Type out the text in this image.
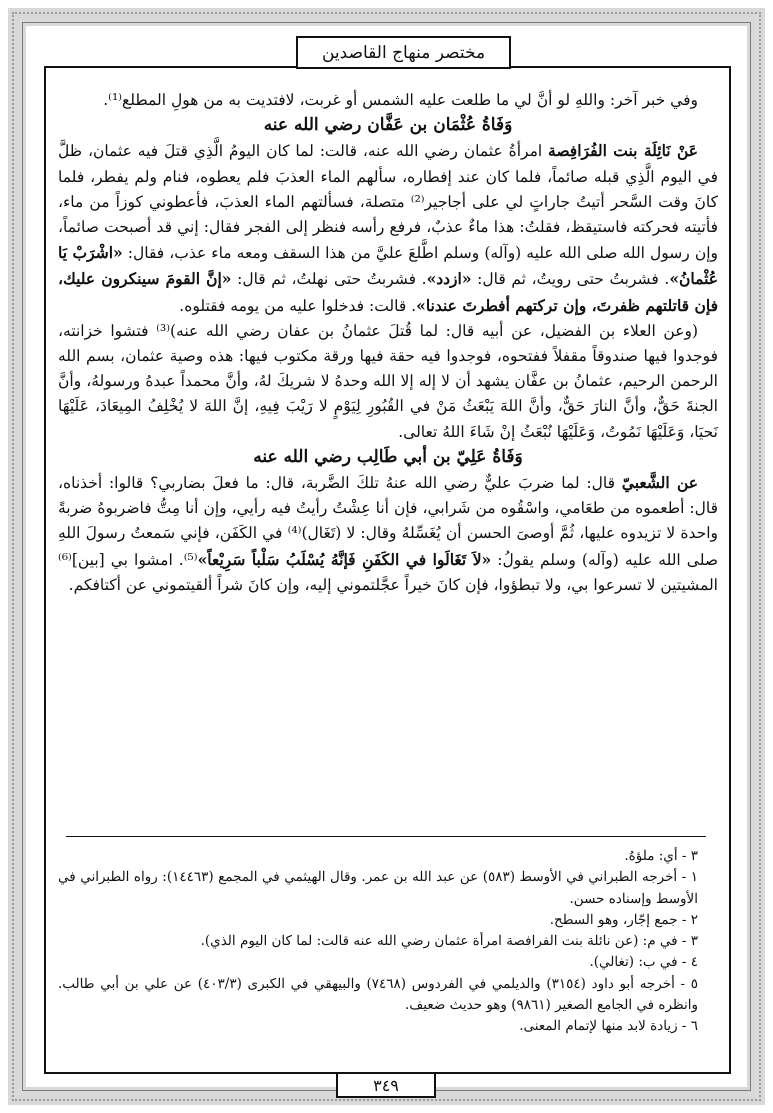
مختصر منهاج القاصدين

وفي خبر آخر: واللهِ لو أنَّ لي ما طلعت عليه الشمس أو غربت، لافتديت به من هولِ المطلع⁽¹⁾.

وَفَاةُ عُثْمَان بن عَفَّان رضي الله عنه

عَنْ نَائِلَة بنت الفُرَافِصة امرأةُ عثمان رضي الله عنه، قالت: لما كان اليومُ الَّذِي قتلَ فيه عثمان، ظلَّ في اليوم الَّذِي قبله صائماً، فلما كان عند إفطاره، سألهم الماء العذبَ فلم يعطوه، فنام ولم يفطر، فلما كانَ وقت السَّحر أتيتُ جاراتٍ لي على أجاجير⁽²⁾ متصلة، فسألتهم الماء العذبَ، فأعطوني كوزاً من ماء، فأتيته فحركته فاستيقظ، فقلتُ: هذا ماءٌ عذبٌ، فرفع رأسه فنظر إلى الفجر فقال: إني قد أصبحت صائماً، وإن رسول الله صلى الله عليه (وآله) وسلم اطَّلعَ عليَّ من هذا السقف ومعه ماء عذب، فقال: «اشْرَبْ يَا عُثْمانُ». فشربتُ حتى رويتُ، ثم قال: «ازدد». فشربتُ حتى نهلتُ، ثم قال: «إنَّ القومَ سينكرون عليك، فإن قاتلتهم ظفرتَ، وإن تركتهم أفطرتَ عندنا». قالت: فدخلوا عليه من يومه فقتلوه.

(وعن العلاء بن الفضيل، عن أبيه قال: لما قُتلَ عثمانُ بن عفان رضي الله عنه)⁽³⁾ فتشوا خزانته، فوجدوا فيها صندوقاً مقفلاً ففتحوه، فوجدوا فيه حقة فيها ورقة مكتوب فيها: هذه وصية عثمان، بسم الله الرحمن الرحيم، عثمانُ بن عفَّان يشهد أن لا إله إلا الله وحدهُ لا شريكَ لهُ، وأنَّ محمداً عبدهُ ورسولهُ، وأنَّ الجنةَ حَقٌّ، وأنَّ النارَ حَقٌّ، وأنَّ اللهَ يَبْعَثُ مَنْ في القُبُورِ لِيَوْمٍ لا رَيْبَ فِيهِ، إنَّ اللهَ لا يُخْلِفُ المِيعَادَ، عَلَيْهَا نَحيَا، وَعَلَيْهَا نَمُوتُ، وَعَلَيْهَا نُبْعَثُ إنْ شَاءَ اللهُ تعالى.

وَفَاةُ عَلِيّ بن أبي طَالِب رضي الله عنه

عن الشَّعبيّ قال: لما ضربَ عليٌّ رضي الله عنهُ تلكَ الضَّربة، قال: ما فعلَ بضاربي؟ قالوا: أخذناه، قال: أطعموه من طعَامي، واسْقُوه من شَرابي، فإن أنا عِشْتُ رأيتُ فيه رأيي، وإن أنا مِتُّ فاضربوهُ ضربةً واحدة لا تزيدوه عليها، ثُمَّ أوصىَ الحسن أن يُغَسِّلهُ وقال: لا (تَغَال)⁽⁴⁾ في الكَفَن، فإني سَمعتُ رسولَ اللهِ صلى الله عليه (وآله) وسلم يقولُ: «لاَ تَغَالَوا في الكَفَنِ فَإنَّهُ يُسْلَبُ سَلْباً سَرِيْعاً»⁽⁵⁾. امشوا بي [بين]⁽⁶⁾ المشيتين لا تسرعوا بي، ولا تبطؤوا، فإن كانَ خيراً عجَّلتموني إليه، وإن كانَ شراً ألقيتموني عن أكتافكم.

٣ - أي: ملؤهُ.

١ - أخرجه الطبراني في الأوسط (٥٨٣) عن عبد الله بن عمر. وقال الهيثمي في المجمع (١٤٤٦٣): رواه الطبراني في الأوسط وإسناده حسن.

٢ - جمع إجّار، وهو السطح.

٣ - في م: (عن نائلة بنت الفرافصة امرأة عثمان رضي الله عنه قالت: لما كان اليوم الذي).

٤ - في ب: (تغالي).

٥ - أخرجه أبو داود (٣١٥٤) والديلمي في الفردوس (٧٤٦٨) والبيهقي في الكبرى (٤٠٣/٣) عن علي بن أبي طالب. وانظره في الجامع الصغير (٩٨٦١) وهو حديث ضعيف.

٦ - زيادة لابد منها لإتمام المعنى.

٣٤٩
